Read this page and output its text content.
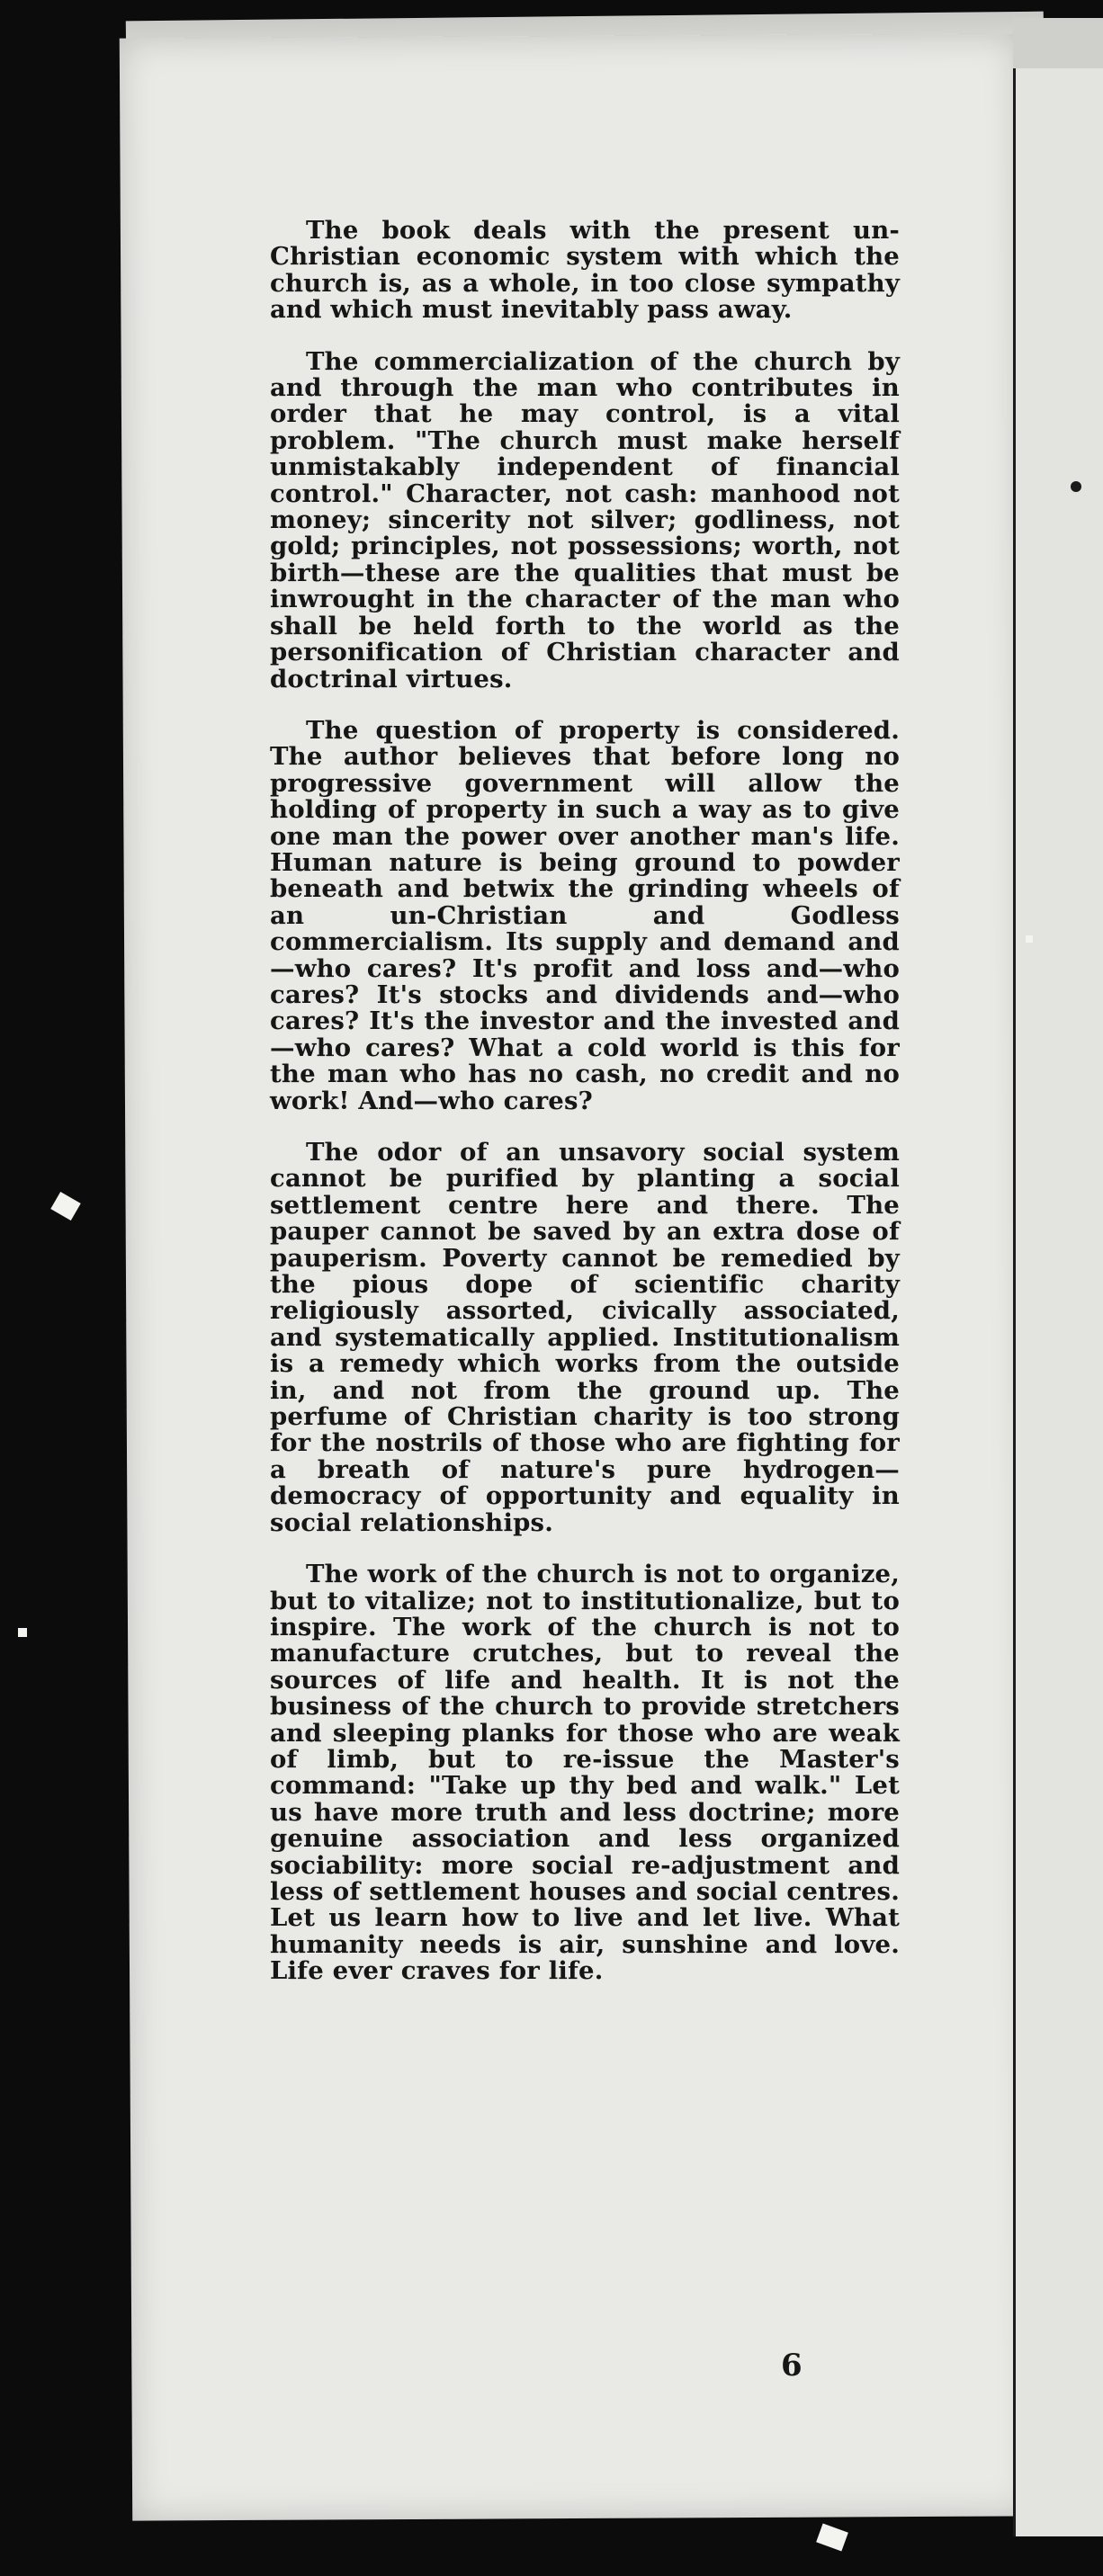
The book deals with the present un-Christian economic system with which the church is, as a whole, in too close sympathy and which must inevitably pass away.

The commercialization of the church by and through the man who contributes in order that he may control, is a vital problem. "The church must make herself unmistakably independent of financial control." Character, not cash: manhood not money; sincerity not silver; godliness, not gold; principles, not possessions; worth, not birth—these are the qualities that must be inwrought in the character of the man who shall be held forth to the world as the personification of Christian character and doctrinal virtues.

The question of property is considered. The author believes that before long no progressive government will allow the holding of property in such a way as to give one man the power over another man's life. Human nature is being ground to powder beneath and betwix the grinding wheels of an un-Christian and Godless commercialism. Its supply and demand and—who cares? It's profit and loss and—who cares? It's stocks and dividends and—who cares? It's the investor and the invested and—who cares? What a cold world is this for the man who has no cash, no credit and no work! And—who cares?

The odor of an unsavory social system cannot be purified by planting a social settlement centre here and there. The pauper cannot be saved by an extra dose of pauperism. Poverty cannot be remedied by the pious dope of scientific charity religiously assorted, civically associated, and systematically applied. Institutionalism is a remedy which works from the outside in, and not from the ground up. The perfume of Christian charity is too strong for the nostrils of those who are fighting for a breath of nature's pure hydrogen—democracy of opportunity and equality in social relationships.

The work of the church is not to organize, but to vitalize; not to institutionalize, but to inspire. The work of the church is not to manufacture crutches, but to reveal the sources of life and health. It is not the business of the church to provide stretchers and sleeping planks for those who are weak of limb, but to re-issue the Master's command: "Take up thy bed and walk." Let us have more truth and less doctrine; more genuine association and less organized sociability: more social re-adjustment and less of settlement houses and social centres. Let us learn how to live and let live. What humanity needs is air, sunshine and love. Life ever craves for life.

6
